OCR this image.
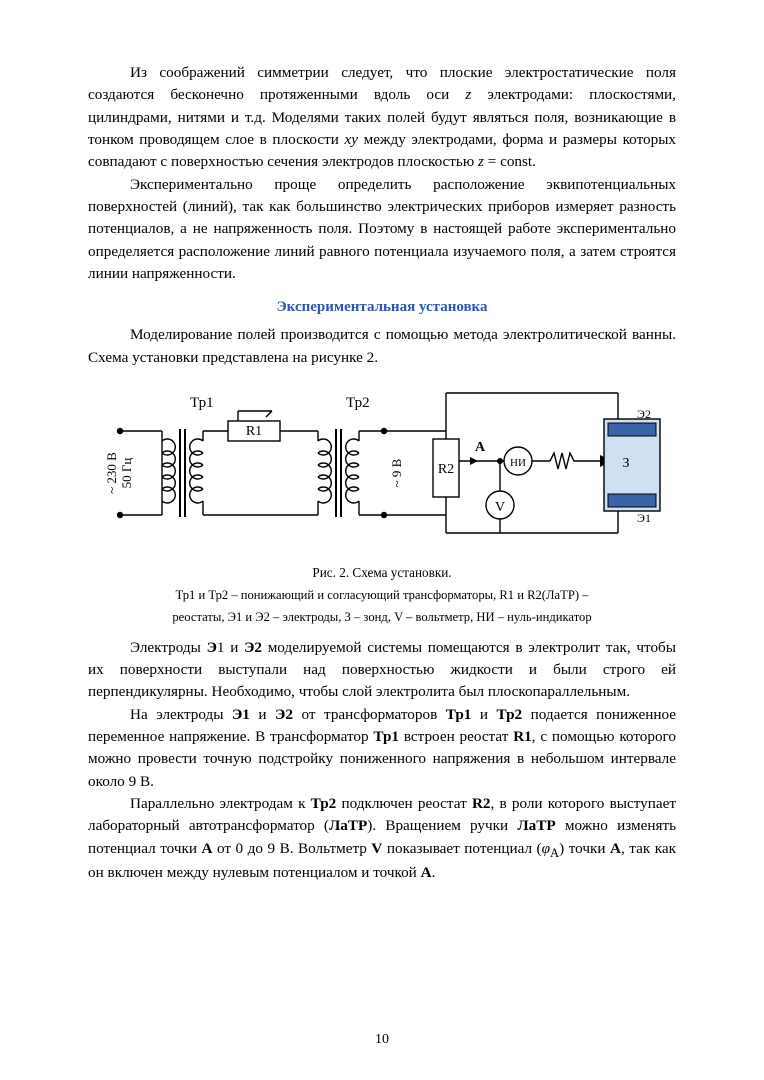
Из соображений симметрии следует, что плоские электростатические поля создаются бесконечно протяженными вдоль оси z электродами: плоскостями, цилиндрами, нитями и т.д. Моделями таких полей будут являться поля, возникающие в тонком проводящем слое в плоскости xy между электродами, форма и размеры которых совпадают с поверхностью сечения электродов плоскостью z = const.

Экспериментально проще определить расположение эквипотенциальных поверхностей (линий), так как большинство электрических приборов измеряет разность потенциалов, а не напряженность поля. Поэтому в настоящей работе экспериментально определяется расположение линий равного потенциала изучаемого поля, а затем строятся линии напряженности.

Экспериментальная установка

Моделирование полей производится с помощью метода электролитической ванны. Схема установки представлена на рисунке 2.

~ 230 В 50 Гц
Тр1
R1
Тр2
~ 9 В R2
А
НИ
V
З
Э2
Э1

Рис. 2. Схема установки.

Тр1 и Тр2 – понижающий и согласующий трансформаторы, R1 и R2(ЛаТР) –

реостаты, Э1 и Э2 – электроды, 3 – зонд, V – вольтметр, НИ – нуль-индикатор

Электроды Э1 и Э2 моделируемой системы помещаются в электролит так, чтобы их поверхности выступали над поверхностью жидкости и были строго ей перпендикулярны. Необходимо, чтобы слой электролита был плоскопараллельным.

На электроды Э1 и Э2 от трансформаторов Тр1 и Тр2 подается пониженное переменное напряжение. В трансформатор Тр1 встроен реостат R1, с помощью которого можно провести точную подстройку пониженного напряжения в небольшом интервале около 9 В.

Параллельно электродам к Тр2 подключен реостат R2, в роли которого выступает лабораторный автотрансформатор (ЛаТР). Вращением ручки ЛаТР можно изменять потенциал точки А от 0 до 9 В. Вольтметр V показывает потенциал $(\varphi_A)$ точки А, так как он включен между нулевым потенциалом и точкой А.

10
